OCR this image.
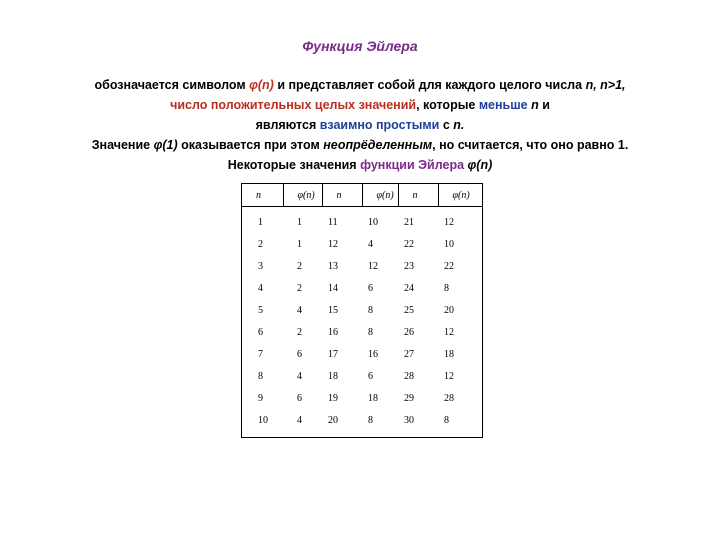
Функция Эйлера
обозначается символом φ(n) и представляет собой для каждого целого числа n, n>1,
число положительных целых значений, которые меньше n и
являются взаимно простыми с n.
Значение φ(1) оказывается при этом неопрёделенным, но считается, что оно равно 1.
Некоторые значения функции Эйлера φ(n)
n	φ(n)	n	φ(n)	n	φ(n)
1	1	11	10	21	12
2	1	12	4	22	10
3	2	13	12	23	22
4	2	14	6	24	8
5	4	15	8	25	20
6	2	16	8	26	12
7	6	17	16	27	18
8	4	18	6	28	12
9	6	19	18	29	28
10	4	20	8	30	8
